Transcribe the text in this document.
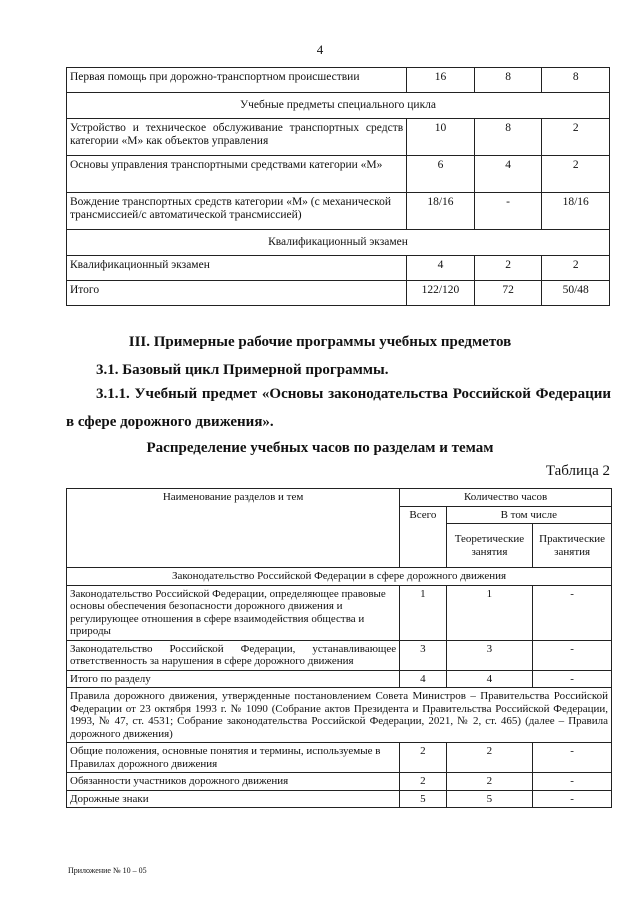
4
Первая помощь при дорожно-транспортном происшествии	16	8	8
Учебные предметы специального цикла			
Устройство и техническое обслуживание транспортных средств категории «М» как объектов управления	10	8	2
Основы управления транспортными средствами категории «М»	6	4	2
Вождение транспортных средств категории «М» (с механической трансмиссией/с автоматической трансмиссией)	18/16	-	18/16
Квалификационный экзамен			
Квалификационный экзамен	4	2	2
Итого	122/120	72	50/48
III. Примерные рабочие программы учебных предметов
3.1. Базовый цикл Примерной программы.
3.1.1. Учебный предмет «Основы законодательства Российской Федерации
в сфере дорожного движения».
Распределение учебных часов по разделам и темам
Таблица 2
Наименование разделов и тем	Количество часов		
	Всего	В том числе	
		Теоретические занятия	Практические занятия
Законодательство Российской Федерации в сфере дорожного движения			
Законодательство Российской Федерации, определяющее правовые основы обеспечения безопасности дорожного движения и регулирующее отношения в сфере взаимодействия общества и природы	1	1	-
Законодательство Российской Федерации, устанавливающее ответственность за нарушения в сфере дорожного движения	3	3	-
Итого по разделу	4	4	-
Правила дорожного движения, утвержденные постановлением Совета Министров – Правительства Российской Федерации от 23 октября 1993 г. № 1090 (Собрание актов Президента и Правительства Российской Федерации, 1993, № 47, ст. 4531; Собрание законодательства Российской Федерации, 2021, № 2, ст. 465) (далее – Правила дорожного движения)			
Общие положения, основные понятия и термины, используемые в Правилах дорожного движения	2	2	-
Обязанности участников дорожного движения	2	2	-
Дорожные знаки	5	5	-
Приложение № 10 – 05
